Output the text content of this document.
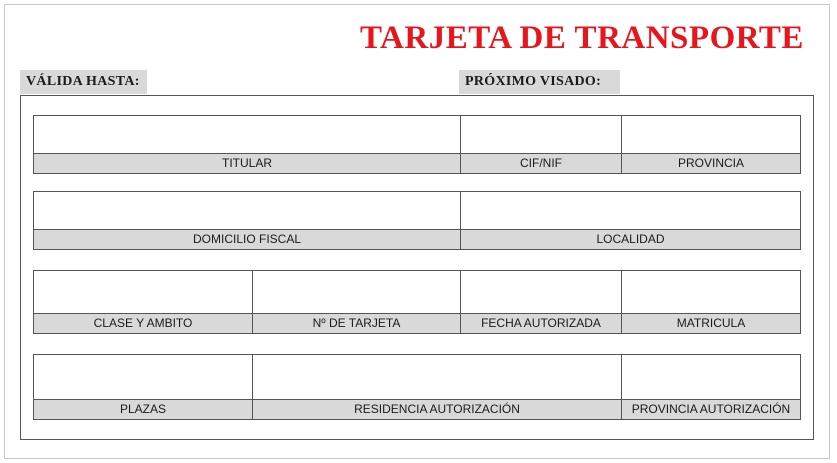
TARJETA DE TRANSPORTE
VÁLIDA HASTA:	PRÓXIMO VISADO:
TITULAR	CIF/NIF	PROVINCIA
DOMICILIO FISCAL	LOCALIDAD
CLASE Y AMBITO	Nº DE TARJETA	FECHA AUTORIZADA	MATRICULA
PLAZAS	RESIDENCIA AUTORIZACIÓN	PROVINCIA AUTORIZACIÓN
